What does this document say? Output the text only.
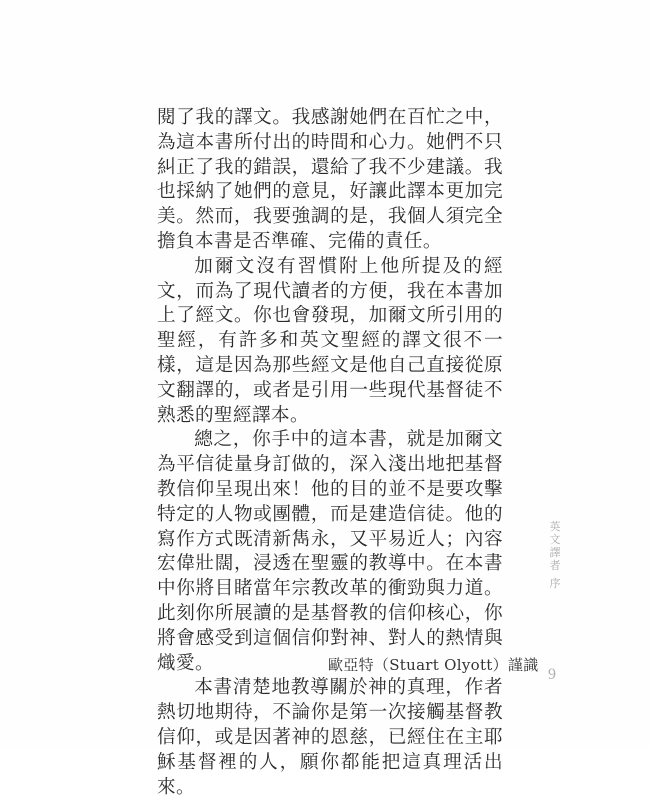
閱了我的譯文。我感謝她們在百忙之中，為這本書所付出的時間和心力。她們不只糾正了我的錯誤，還給了我不少建議。我也採納了她們的意見，好讓此譯本更加完美。然而，我要強調的是，我個人須完全擔負本書是否準確、完備的責任。

加爾文沒有習慣附上他所提及的經文，而為了現代讀者的方便，我在本書加上了經文。你也會發現，加爾文所引用的聖經，有許多和英文聖經的譯文很不一樣，這是因為那些經文是他自己直接從原文翻譯的，或者是引用一些現代基督徒不熟悉的聖經譯本。

總之，你手中的這本書，就是加爾文為平信徒量身訂做的，深入淺出地把基督教信仰呈現出來！他的目的並不是要攻擊特定的人物或團體，而是建造信徒。他的寫作方式既清新雋永，又平易近人；內容宏偉壯闊，浸透在聖靈的教導中。在本書中你將目睹當年宗教改革的衝勁與力道。此刻你所展讀的是基督教的信仰核心，你將會感受到這個信仰對神、對人的熱情與熾愛。

本書清楚地教導關於神的真理，作者熱切地期待，不論你是第一次接觸基督教信仰，或是因著神的恩慈，已經住在主耶穌基督裡的人，願你都能把這真理活出來。

歐亞特（Stuart Olyott）謹識
英
文
譯
者
序
9
